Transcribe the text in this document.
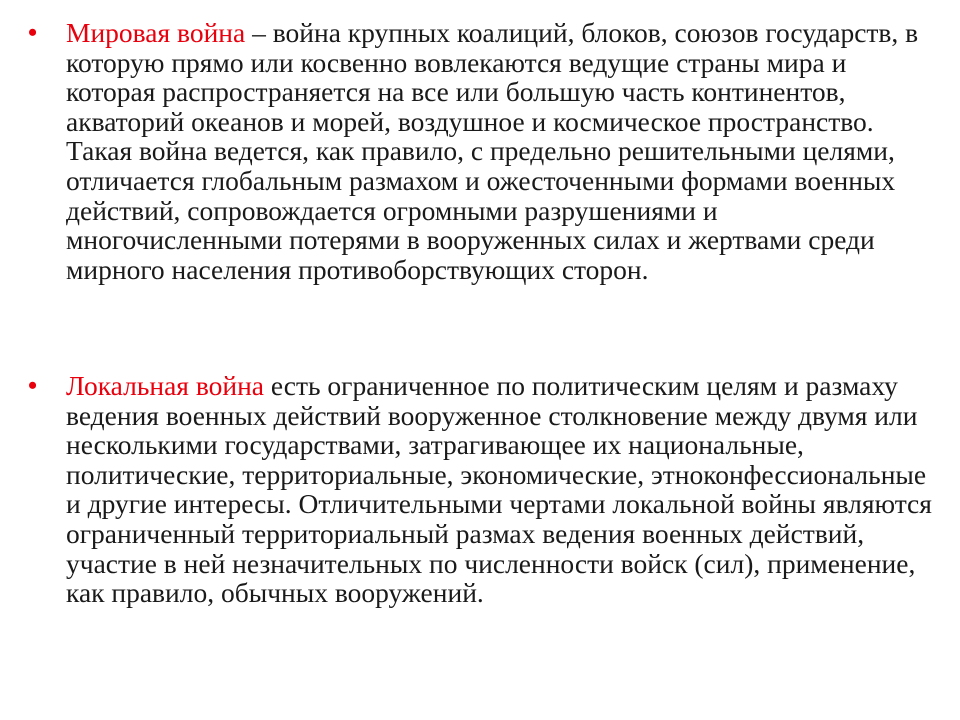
• Мировая война – война крупных коалиций, блоков, союзов государств, в которую прямо или косвенно вовлекаются ведущие страны мира и которая распространяется на все или большую часть континентов, акваторий океанов и морей, воздушное и космическое пространство. Такая война ведется, как правило, с предельно решительными целями, отличается глобальным размахом и ожесточенными формами военных действий, сопровождается огромными разрушениями и многочисленными потерями в вооруженных силах и жертвами среди мирного населения противоборствующих сторон.
• Локальная война есть ограниченное по политическим целям и размаху ведения военных действий вооруженное столкновение между двумя или несколькими государствами, затрагивающее их национальные, политические, территориальные, экономические, этноконфессиональные и другие интересы. Отличительными чертами локальной войны являются ограниченный территориальный размах ведения военных действий, участие в ней незначительных по численности войск (сил), применение, как правило, обычных вооружений.
